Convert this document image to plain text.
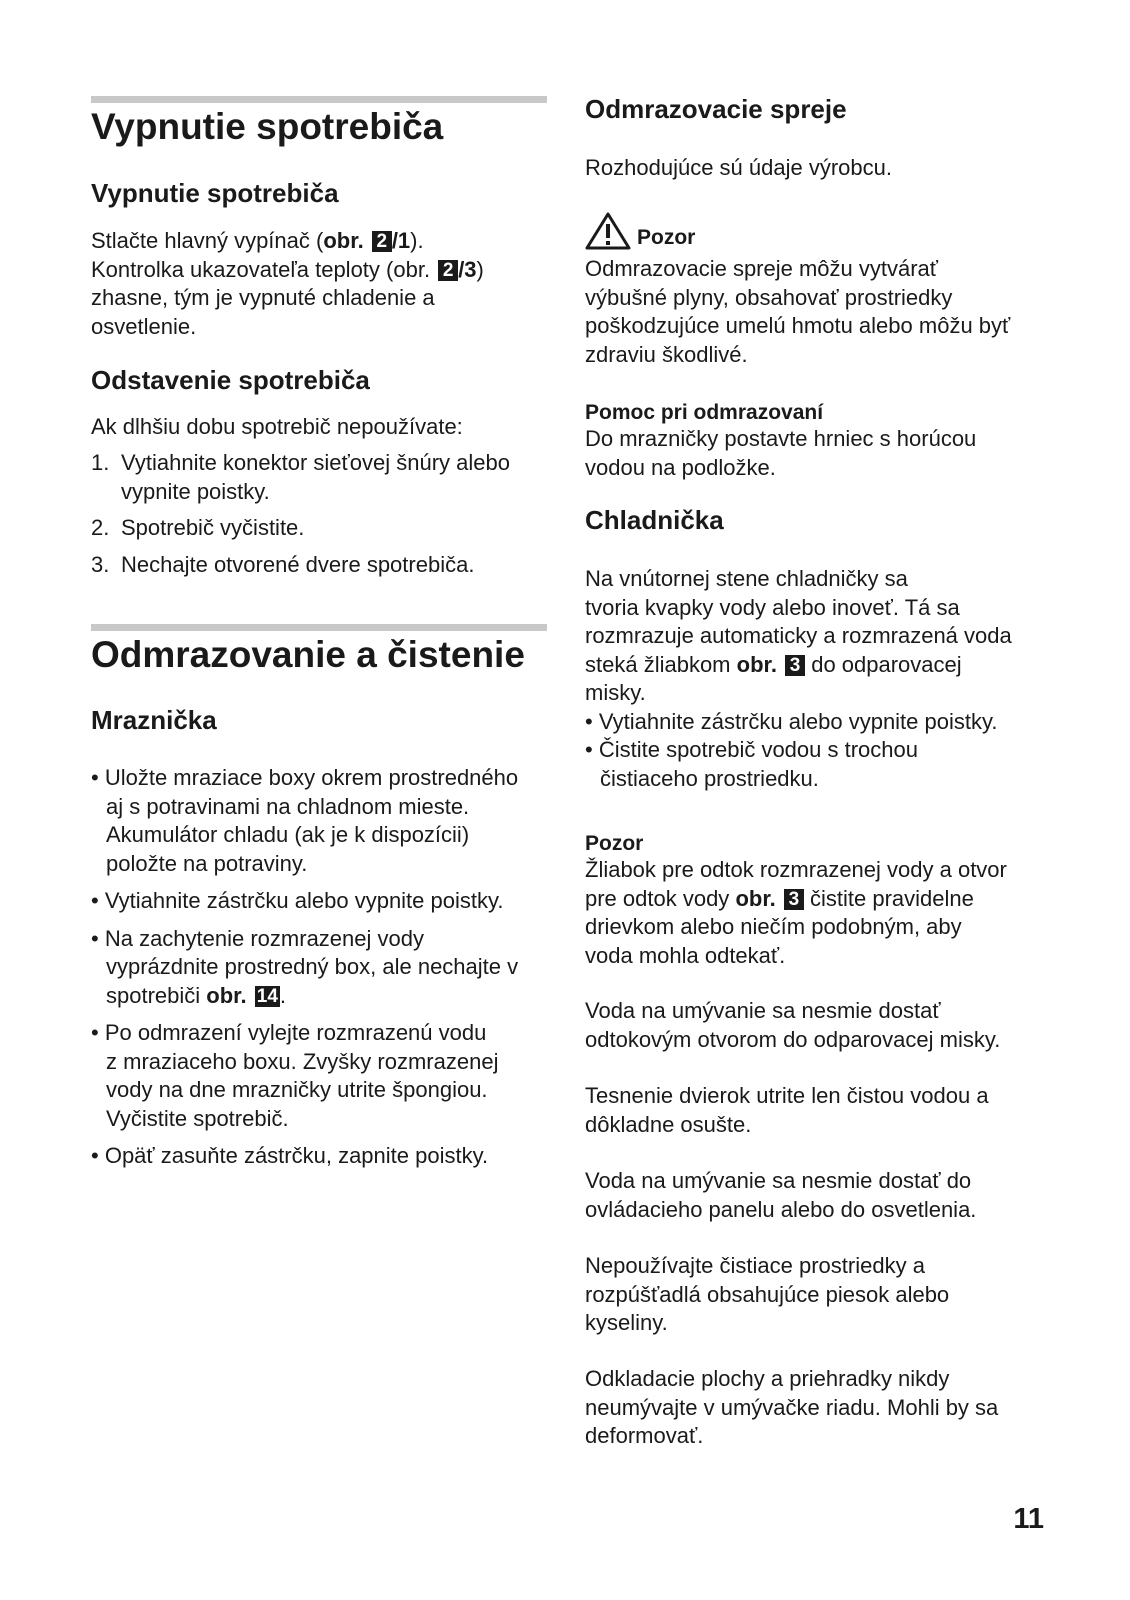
Vypnutie spotrebiča
Vypnutie spotrebiča
Stlačte hlavný vypínač (obr. 2 /1).
Kontrolka ukazovateľa teploty (obr. 2 /3)
zhasne, tým je vypnuté chladenie a
osvetlenie.
Odstavenie spotrebiča
Ak dlhšiu dobu spotrebič nepoužívate:
1. Vytiahnite konektor sieťovej šnúry alebo
vypnite poistky.
2. Spotrebič vyčistite.
3. Nechajte otvorené dvere spotrebiča.
Odmrazovanie a čistenie
Mraznička
• Uložte mraziace boxy okrem prostredného
aj s potravinami na chladnom mieste.
Akumulátor chladu (ak je k dispozícii)
položte na potraviny.
• Vytiahnite zástrčku alebo vypnite poistky.
• Na zachytenie rozmrazenej vody
vyprázdnite prostredný box, ale nechajte v
spotrebiči obr. 14.
• Po odmrazení vylejte rozmrazenú vodu
z mraziaceho boxu. Zvyšky rozmrazenej
vody na dne mrazničky utrite špongiou.
Vyčistite spotrebič.
• Opäť zasuňte zástrčku, zapnite poistky.
Odmrazovacie spreje
Rozhodujúce sú údaje výrobcu.
Pozor
Odmrazovacie spreje môžu vytvárať
výbušné plyny, obsahovať prostriedky
poškodzujúce umelú hmotu alebo môžu byť
zdraviu škodlivé.
Pomoc pri odmrazovaní
Do mrazničky postavte hrniec s horúcou
vodou na podložke.
Chladnička
Na vnútornej stene chladničky sa
tvoria kvapky vody alebo inoveť. Tá sa
rozmrazuje automaticky a rozmrazená voda
steká žliabkom obr. 3 do odparovacej
misky.
• Vytiahnite zástrčku alebo vypnite poistky.
• Čistite spotrebič vodou s trochou
čistiaceho prostriedku.
Pozor
Žliabok pre odtok rozmrazenej vody a otvor
pre odtok vody obr. 3 čistite pravidelne
drievkom alebo niečím podobným, aby
voda mohla odtekať.
Voda na umývanie sa nesmie dostať
odtokovým otvorom do odparovacej misky.
Tesnenie dvierok utrite len čistou vodou a
dôkladne osušte.
Voda na umývanie sa nesmie dostať do
ovládacieho panelu alebo do osvetlenia.
Nepoužívajte čistiace prostriedky a
rozpúšťadlá obsahujúce piesok alebo
kyseliny.
Odkladacie plochy a priehradky nikdy
neumývajte v umývačke riadu. Mohli by sa
deformovať.
11
